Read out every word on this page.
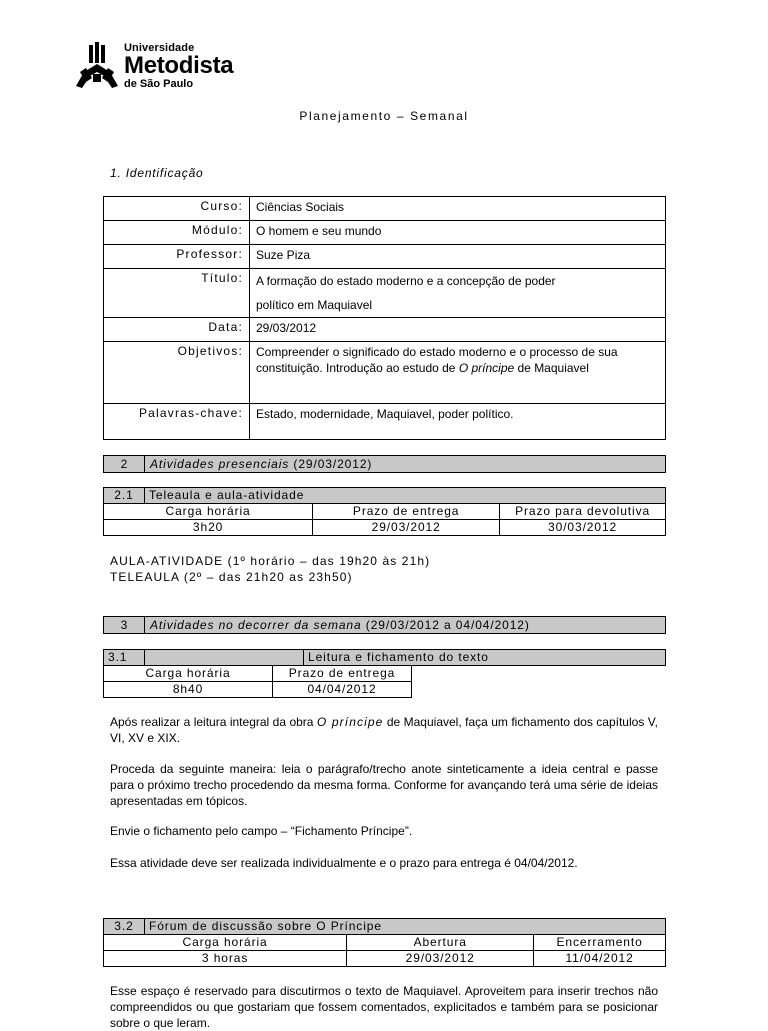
Universidade
Metodista
de São Paulo
Planejamento – Semanal
1. Identificação
Curso:	Ciências Sociais
Módulo:	O homem e seu mundo
Professor:	Suze Piza
Título:	A formação do estado moderno e a concepção de poder
político em Maquiavel

Data:	29/03/2012
Objetivos:	Compreender o significado do estado moderno e o processo de sua constituição. Introdução ao estudo de O príncipe de Maquiavel
Palavras-chave:	Estado, modernidade, Maquiavel, poder político.
2	Atividades presenciais (29/03/2012)
2.1	Teleaula e aula-atividade		
Carga horária		Prazo de entrega	Prazo para devolutiva
3h20		29/03/2012	30/03/2012
AULA-ATIVIDADE (1º horário – das 19h20 às 21h)
TELEAULA (2º – das 21h20 as 23h50)
3	Atividades no decorrer da semana (29/03/2012 a 04/04/2012)
3.1		Leitura e fichamento do texto
Carga horária	Prazo de entrega
8h40	04/04/2012
Após realizar a leitura integral da obra O príncipe de Maquiavel, faça um fichamento dos capítulos V, VI, XV e XIX.
Proceda da seguinte maneira: leia o parágrafo/trecho anote sinteticamente a ideia central e passe para o próximo trecho procedendo da mesma forma. Conforme for avançando terá uma série de ideias apresentadas em tópicos.
Envie o fichamento pelo campo – “Fichamento Príncipe”.
Essa atividade deve ser realizada individualmente e o prazo para entrega é 04/04/2012.
3.2	Fórum de discussão sobre O Príncipe		
Carga horária		Abertura	Encerramento
3 horas		29/03/2012	11/04/2012
Esse espaço é reservado para discutirmos o texto de Maquiavel. Aproveitem para inserir trechos não compreendidos ou que gostariam que fossem comentados, explicitados e também para se posicionar sobre o que leram.
